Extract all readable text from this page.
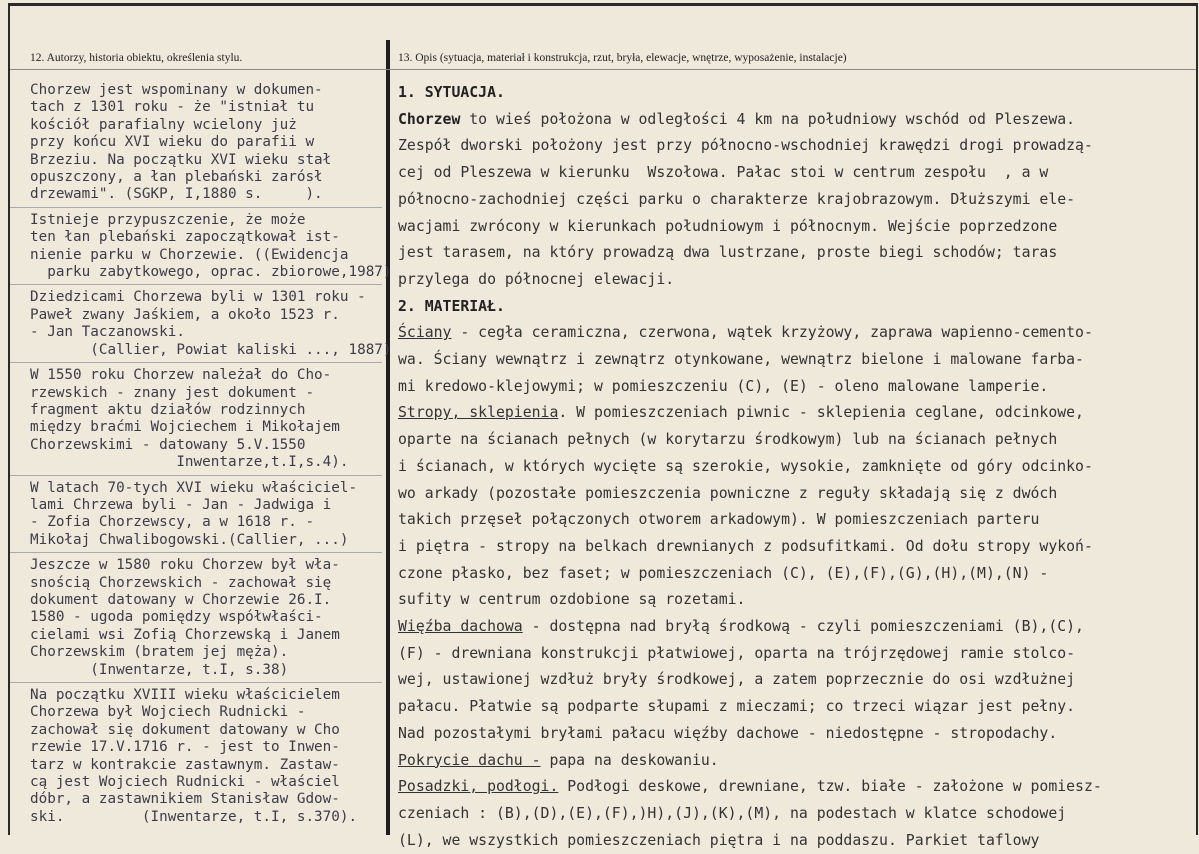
12. Autorzy, historia obiektu, określenia stylu.	13. Opis (sytuacja, materiał i konstrukcja, rzut, bryła, elewacje, wnętrze, wyposażenie, instalacje)
Chorzew jest wspominany w dokumen-
tach z 1301 roku - że "istniał tu
kościół parafialny wcielony już
przy końcu XVI wieku do parafii w
Brzeziu. Na początku XVI wieku stał
opuszczony, a łan plebański zarósł
drzewami". (SGKP, I,1880 s.     ).
Istnieje przypuszczenie, że może
ten łan plebański zapoczątkował ist-
nienie parku w Chorzewie. ((Ewidencja
parku zabytkowego, oprac. zbiorowe,1987)
Dziedzicami Chorzewa byli w 1301 roku -
Paweł zwany Jaśkiem, a około 1523 r.
- Jan Taczanowski.
(Callier, Powiat kaliski ..., 1887)
W 1550 roku Chorzew należał do Cho-
rzewskich - znany jest dokument -
fragment aktu działów rodzinnych
między braćmi Wojciechem i Mikołajem
Chorzewskimi - datowany 5.V.1550
Inwentarze,t.I,s.4).
W latach 70-tych XVI wieku właściciel-
lami Chrzewa byli - Jan - Jadwiga i
- Zofia Chorzewscy, a w 1618 r. -
Mikołaj Chwalibogowski.(Callier, ...)
Jeszcze w 1580 roku Chorzew był wła-
snością Chorzewskich - zachował się
dokument datowany w Chorzewie 26.I.
1580 - ugoda pomiędzy współwłaści-
cielami wsi Zofią Chorzewską i Janem
Chorzewskim (bratem jej męża).
(Inwentarze, t.I, s.38)
Na początku XVIII wieku właścicielem
Chorzewa był Wojciech Rudnicki -
zachował się dokument datowany w Cho
rzewie 17.V.1716 r. - jest to Inwen-
tarz w kontrakcie zastawnym. Zastaw-
cą jest Wojciech Rudnicki - właściel
dóbr, a zastawnikiem Stanisław Gdow-
ski.         (Inwentarze, t.I, s.370).
1. SYTUACJA.
Chorzew to wieś położona w odległości 4 km na południowy wschód od Pleszewa.
Zespół dworski położony jest przy północno-wschodniej krawędzi drogi prowadzą-
cej od Pleszewa w kierunku  Wszołowa. Pałac stoi w centrum zespołu  , a w
północno-zachodniej części parku o charakterze krajobrazowym. Dłuższymi ele-
wacjami zwrócony w kierunkach południowym i północnym. Wejście poprzedzone
jest tarasem, na który prowadzą dwa lustrzane, proste biegi schodów; taras
przylega do północnej elewacji.
2. MATERIAŁ.
Ściany - cegła ceramiczna, czerwona, wątek krzyżowy, zaprawa wapienno-cemento-
wa. Ściany wewnątrz i zewnątrz otynkowane, wewnątrz bielone i malowane farba-
mi kredowo-klejowymi; w pomieszczeniu (C), (E) - oleno malowane lamperie.
Stropy, sklepienia. W pomieszczeniach piwnic - sklepienia ceglane, odcinkowe,
oparte na ścianach pełnych (w korytarzu środkowym) lub na ścianach pełnych
i ścianach, w których wycięte są szerokie, wysokie, zamknięte od góry odcinko-
wo arkady (pozostałe pomieszczenia powniczne z reguły składają się z dwóch
takich przęseł połączonych otworem arkadowym). W pomieszczeniach parteru
i piętra - stropy na belkach drewnianych z podsufitkami. Od dołu stropy wykoń-
czone płasko, bez faset; w pomieszczeniach (C), (E),(F),(G),(H),(M),(N) -
sufity w centrum ozdobione są rozetami.
Więźba dachowa - dostępna nad bryłą środkową - czyli pomieszczeniami (B),(C),
(F) - drewniana konstrukcji płatwiowej, oparta na trójrzędowej ramie stolco-
wej, ustawionej wzdłuż bryły środkowej, a zatem poprzecznie do osi wzdłużnej
pałacu. Płatwie są podparte słupami z mieczami; co trzeci wiązar jest pełny.
Nad pozostałymi bryłami pałacu więźby dachowe - niedostępne - stropodachy.
Pokrycie dachu - papa na deskowaniu.
Posadzki, podłogi. Podłogi deskowe, drewniane, tzw. białe - założone w pomiesz-
czeniach : (B),(D),(E),(F),)H),(J),(K),(M), na podestach w klatce schodowej
(L), we wszystkich pomieszczeniach piętra i na poddaszu. Parkiet taflowy
